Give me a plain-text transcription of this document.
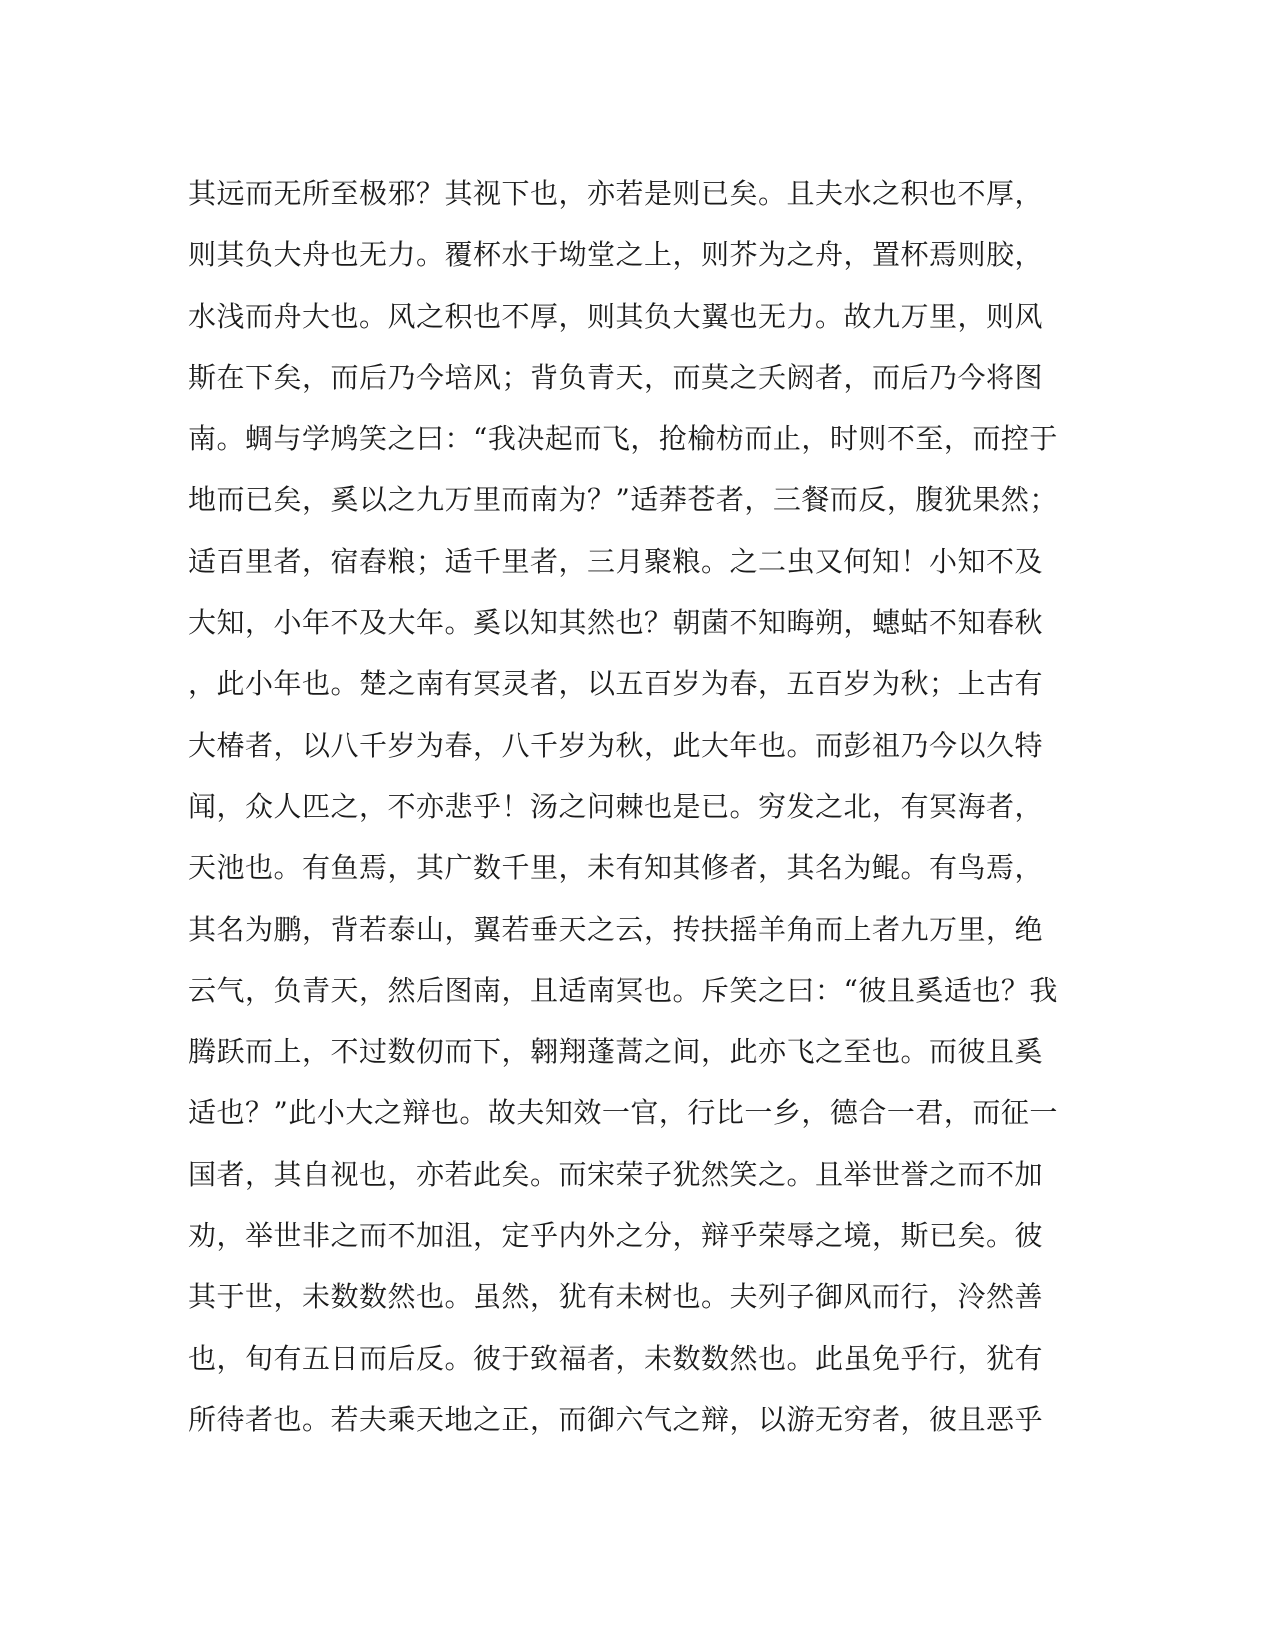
其远而无所至极邪？其视下也，亦若是则已矣。且夫水之积也不厚，
则其负大舟也无力。覆杯水于坳堂之上，则芥为之舟，置杯焉则胶，
水浅而舟大也。风之积也不厚，则其负大翼也无力。故九万里，则风
斯在下矣，而后乃今培风；背负青天，而莫之夭阏者，而后乃今将图
南。蜩与学鸠笑之曰：“我决起而飞，抢榆枋而止，时则不至，而控于
地而已矣，奚以之九万里而南为？”适莽苍者，三餐而反，腹犹果然；
适百里者，宿舂粮；适千里者，三月聚粮。之二虫又何知！小知不及
大知，小年不及大年。奚以知其然也？朝菌不知晦朔，蟪蛄不知春秋
，此小年也。楚之南有冥灵者，以五百岁为春，五百岁为秋；上古有
大椿者，以八千岁为春，八千岁为秋，此大年也。而彭祖乃今以久特
闻，众人匹之，不亦悲乎！汤之问棘也是已。穷发之北，有冥海者，
天池也。有鱼焉，其广数千里，未有知其修者，其名为鲲。有鸟焉，
其名为鹏，背若泰山，翼若垂天之云，抟扶摇羊角而上者九万里，绝
云气，负青天，然后图南，且适南冥也。斥笑之曰：“彼且奚适也？我
腾跃而上，不过数仞而下，翱翔蓬蒿之间，此亦飞之至也。而彼且奚
适也？”此小大之辩也。故夫知效一官，行比一乡，德合一君，而征一
国者，其自视也，亦若此矣。而宋荣子犹然笑之。且举世誉之而不加
劝，举世非之而不加沮，定乎内外之分，辩乎荣辱之境，斯已矣。彼
其于世，未数数然也。虽然，犹有未树也。夫列子御风而行，泠然善
也，旬有五日而后反。彼于致福者，未数数然也。此虽免乎行，犹有
所待者也。若夫乘天地之正，而御六气之辩，以游无穷者，彼且恶乎
